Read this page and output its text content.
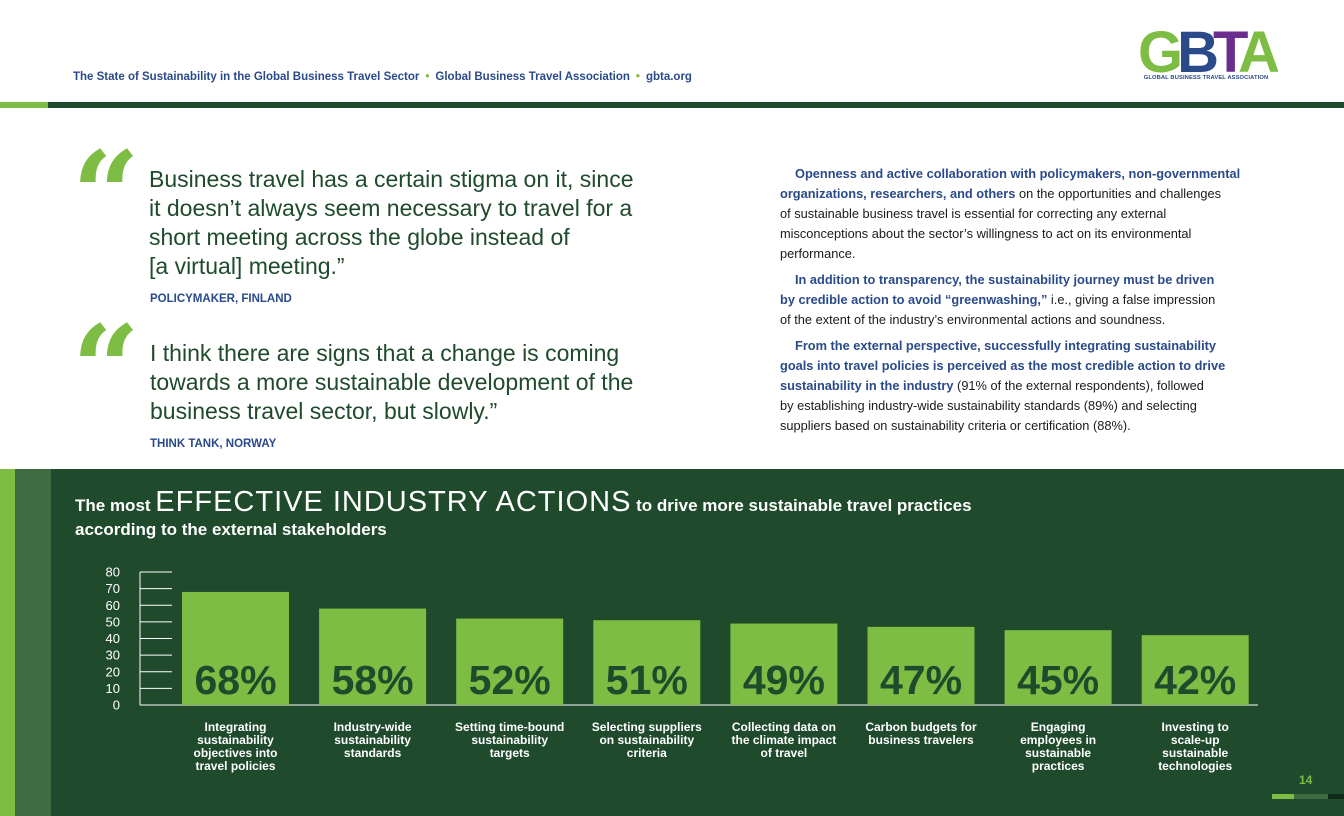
The State of Sustainability in the Global Business Travel Sector • Global Business Travel Association • gbta.org	GBTA
GLOBAL BUSINESS TRAVEL ASSOCIATION
“ Business travel has a certain stigma on it, since
it doesn’t always seem necessary to travel for a
short meeting across the globe instead of
[a virtual] meeting.”
POLICYMAKER, FINLAND
“ I think there are signs that a change is coming
towards a more sustainable development of the
business travel sector, but slowly.”
THINK TANK, NORWAY

Openness and active collaboration with policymakers, non-governmental
organizations, researchers, and others on the opportunities and challenges
of sustainable business travel is essential for correcting any external
misconceptions about the sector’s willingness to act on its environmental
performance.

In addition to transparency, the sustainability journey must be driven
by credible action to avoid “greenwashing,” i.e., giving a false impression
of the extent of the industry’s environmental actions and soundness.

From the external perspective, successfully integrating sustainability
goals into travel policies is perceived as the most credible action to drive
sustainability in the industry (91% of the external respondents), followed
by establishing industry-wide sustainability standards (89%) and selecting
suppliers based on sustainability criteria or certification (88%).

The most EFFECTIVE INDUSTRY ACTIONS to drive more sustainable travel practices
according to the external stakeholders
0
10
20
30
40
50
60
70
80
68%
Integrating sustainability objectives into travel policies
58%
Industry-wide sustainability standards
52%
Setting time-bound sustainability targets
51%
Selecting suppliers on sustainability criteria
49%
Collecting data on the climate impact of travel
47%
Carbon budgets for business travelers
45%
Engaging employees in sustainable practices
42%
Investing to scale-up sustainable technologies
14
